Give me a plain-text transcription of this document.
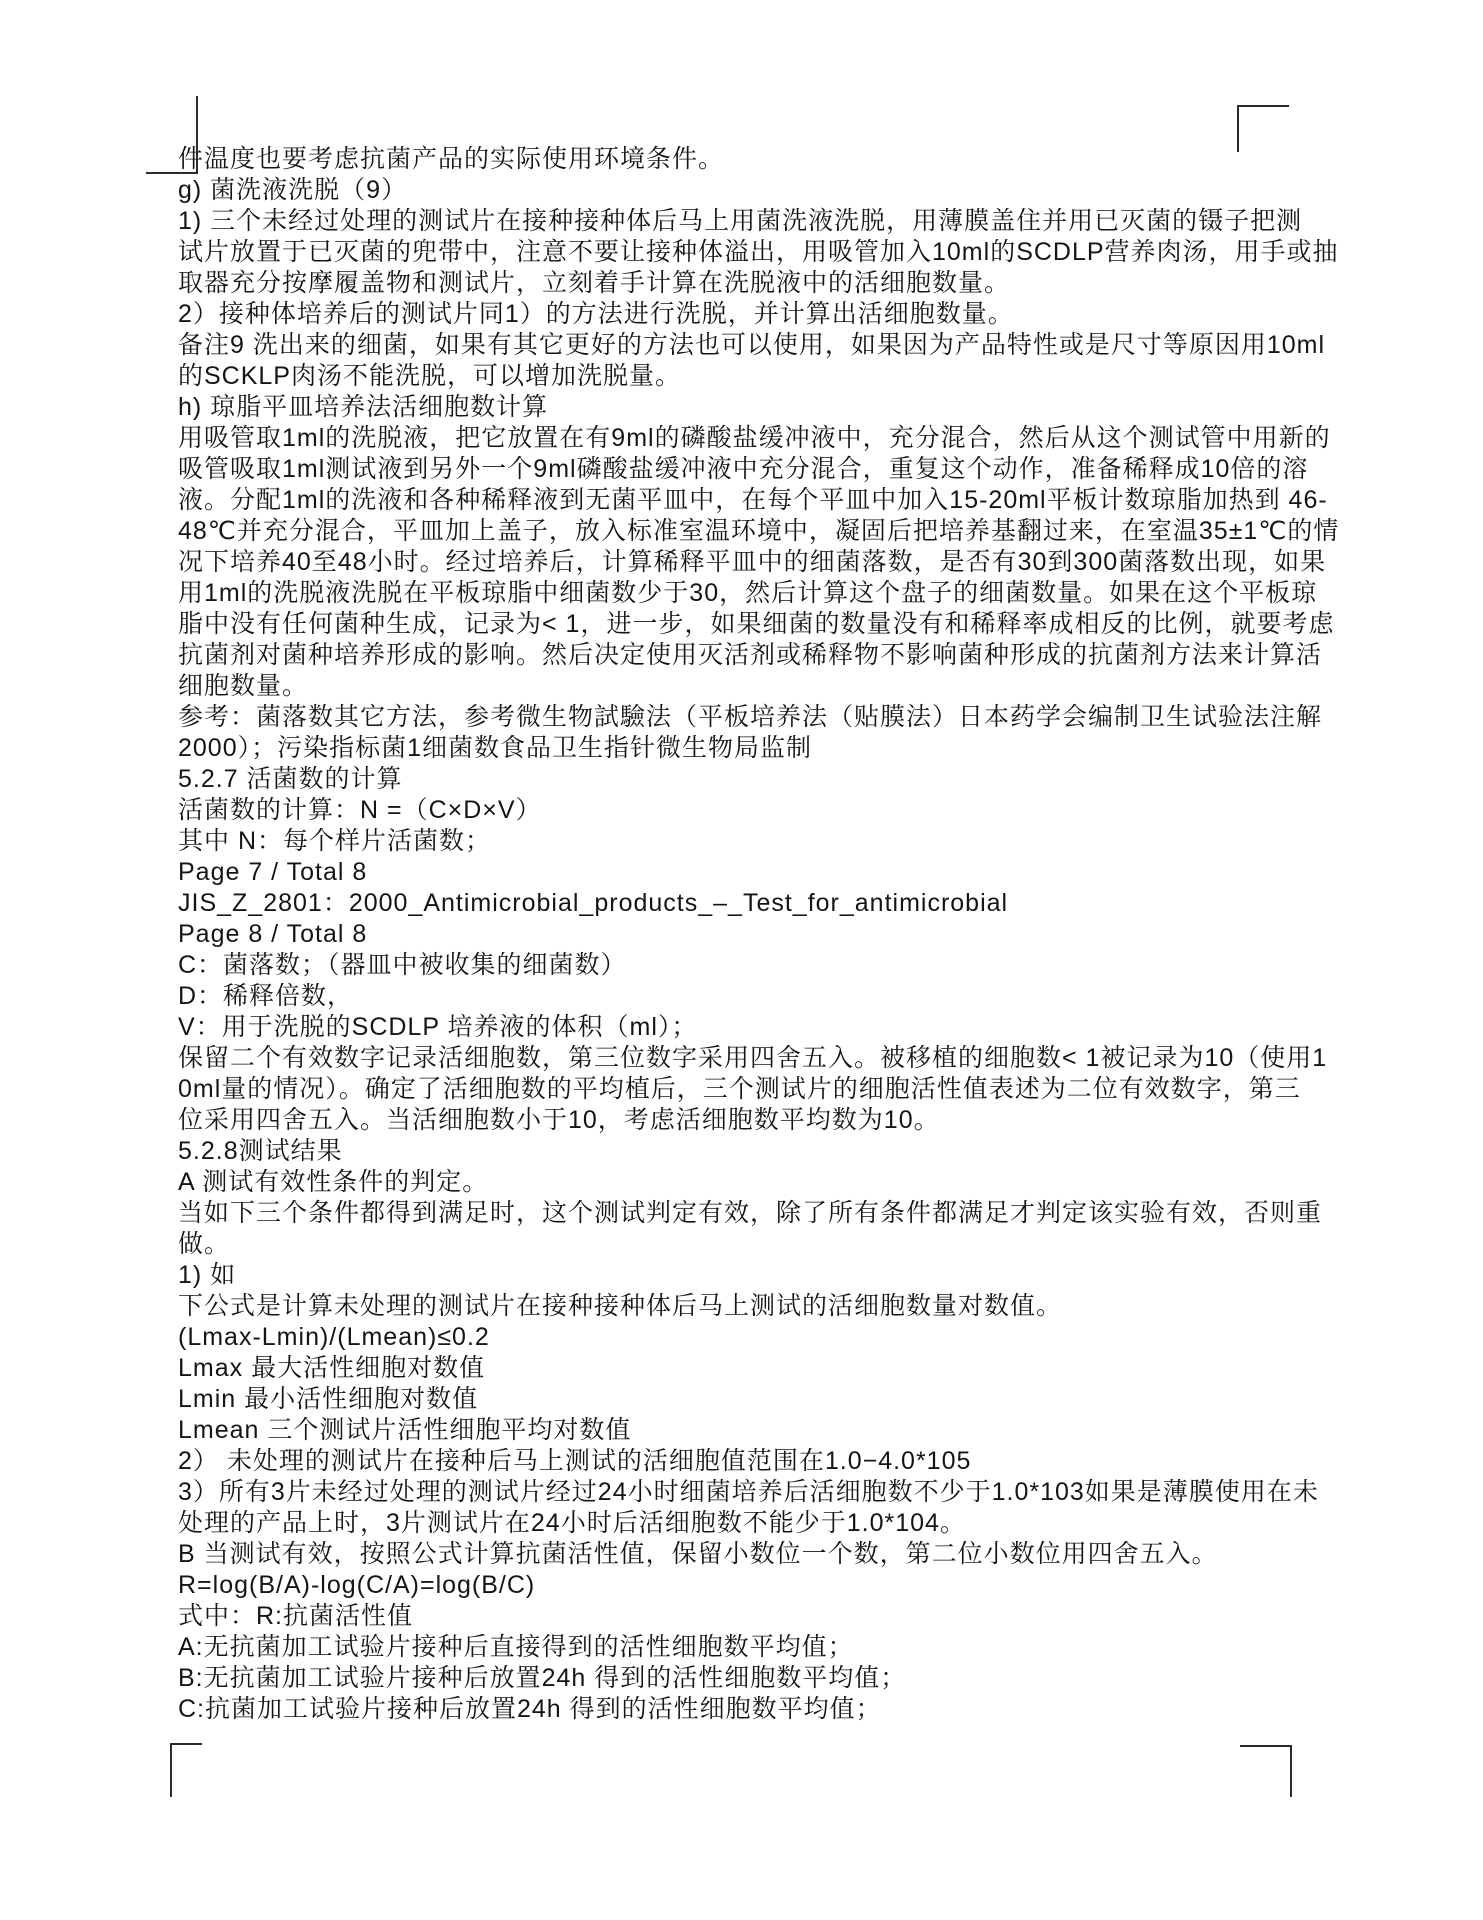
件温度也要考虑抗菌产品的实际使用环境条件。
g) 菌洗液洗脱（9）
1) 三个未经过处理的测试片在接种接种体后马上用菌洗液洗脱，用薄膜盖住并用已灭菌的镊子把测
试片放置于已灭菌的兜带中，注意不要让接种体溢出，用吸管加入10ml的SCDLP营养肉汤，用手或抽
取器充分按摩履盖物和测试片，立刻着手计算在洗脱液中的活细胞数量。
2）接种体培养后的测试片同1）的方法进行洗脱，并计算出活细胞数量。
备注9 洗出来的细菌，如果有其它更好的方法也可以使用，如果因为产品特性或是尺寸等原因用10ml
的SCKLP肉汤不能洗脱，可以增加洗脱量。
h) 琼脂平皿培养法活细胞数计算
用吸管取1ml的洗脱液，把它放置在有9ml的磷酸盐缓冲液中，充分混合，然后从这个测试管中用新的
吸管吸取1ml测试液到另外一个9ml磷酸盐缓冲液中充分混合，重复这个动作，准备稀释成10倍的溶
液。分配1ml的洗液和各种稀释液到无菌平皿中，在每个平皿中加入15-20ml平板计数琼脂加热到 46-
48℃并充分混合，平皿加上盖子，放入标准室温环境中，凝固后把培养基翻过来，在室温35±1℃的情
况下培养40至48小时。经过培养后，计算稀释平皿中的细菌落数，是否有30到300菌落数出现，如果
用1ml的洗脱液洗脱在平板琼脂中细菌数少于30，然后计算这个盘子的细菌数量。如果在这个平板琼
脂中没有任何菌种生成，记录为< 1，进一步，如果细菌的数量没有和稀释率成相反的比例，就要考虑
抗菌剂对菌种培养形成的影响。然后决定使用灭活剂或稀释物不影响菌种形成的抗菌剂方法来计算活
细胞数量。
参考：菌落数其它方法，参考微生物試驗法（平板培养法（贴膜法）日本药学会编制卫生试验法注解
2000）；污染指标菌1细菌数食品卫生指针微生物局监制
5.2.7 活菌数的计算
活菌数的计算：N =（C×D×V）
其中 N：每个样片活菌数；
Page 7 / Total 8
JIS_Z_2801：2000_Antimicrobial_products_–_Test_for_antimicrobial
Page 8 / Total 8
C：菌落数；（器皿中被收集的细菌数）
D：稀释倍数，
V：用于洗脱的SCDLP 培养液的体积（ml）；
保留二个有效数字记录活细胞数，第三位数字采用四舍五入。被移植的细胞数< 1被记录为10（使用1
0ml量的情况）。确定了活细胞数的平均植后，三个测试片的细胞活性值表述为二位有效数字，第三
位采用四舍五入。当活细胞数小于10，考虑活细胞数平均数为10。
5.2.8测试结果
A 测试有效性条件的判定。
当如下三个条件都得到满足时，这个测试判定有效，除了所有条件都满足才判定该实验有效，否则重
做。
1) 如
下公式是计算未处理的测试片在接种接种体后马上测试的活细胞数量对数值。
(Lmax-Lmin)/(Lmean)≤0.2
Lmax 最大活性细胞对数值
Lmin 最小活性细胞对数值
Lmean 三个测试片活性细胞平均对数值
2） 未处理的测试片在接种后马上测试的活细胞值范围在1.0−4.0*105
3）所有3片未经过处理的测试片经过24小时细菌培养后活细胞数不少于1.0*103如果是薄膜使用在未
处理的产品上时，3片测试片在24小时后活细胞数不能少于1.0*104。
B 当测试有效，按照公式计算抗菌活性值，保留小数位一个数，第二位小数位用四舍五入。
R=log(B/A)-log(C/A)=log(B/C)
式中：R:抗菌活性值
A:无抗菌加工试验片接种后直接得到的活性细胞数平均值；
B:无抗菌加工试验片接种后放置24h 得到的活性细胞数平均值；
C:抗菌加工试验片接种后放置24h 得到的活性细胞数平均值；
